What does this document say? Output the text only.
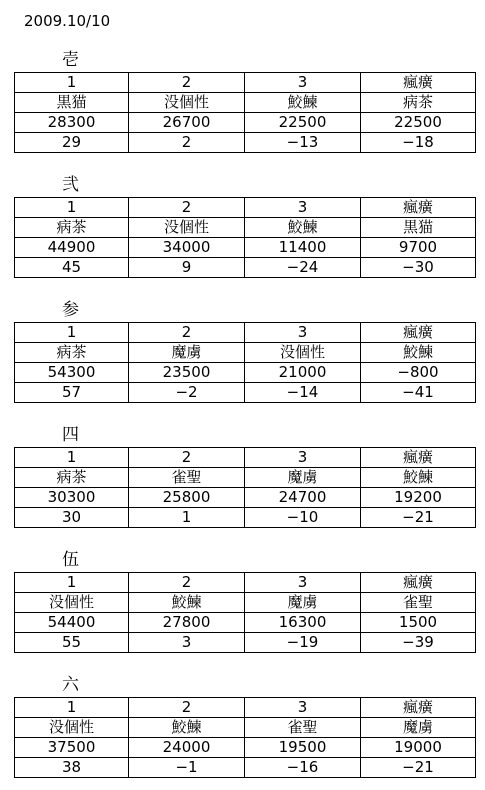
2009.10/10
壱
1	2	3	瘋癀
黒猫	没個性	鮫鰊	病茶
28300	26700	22500	22500
29	2	−13	−18
弐
1	2	3	瘋癀
病茶	没個性	鮫鰊	黒猫
44900	34000	11400	9700
45	9	−24	−30
参
1	2	3	瘋癀
病茶	魔虜	没個性	鮫鰊
54300	23500	21000	−800
57	−2	−14	−41
四
1	2	3	瘋癀
病茶	雀聖	魔虜	鮫鰊
30300	25800	24700	19200
30	1	−10	−21
伍
1	2	3	瘋癀
没個性	鮫鰊	魔虜	雀聖
54400	27800	16300	1500
55	3	−19	−39
六
1	2	3	瘋癀
没個性	鮫鰊	雀聖	魔虜
37500	24000	19500	19000
38	−1	−16	−21
